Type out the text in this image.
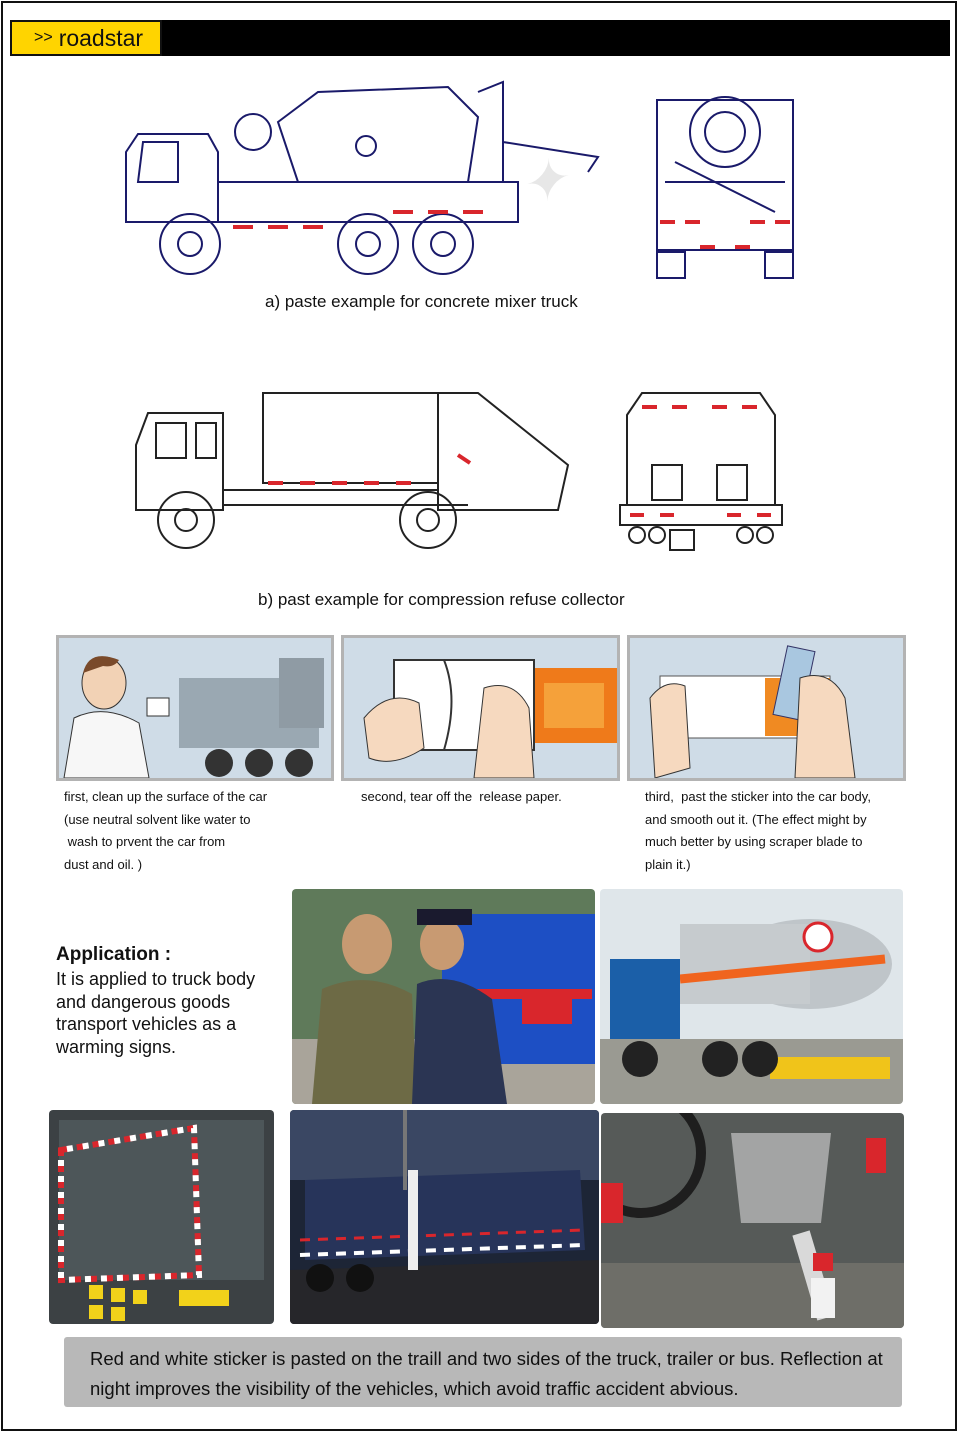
>> roadstar
a) paste example for concrete mixer truck
b) past example for compression refuse collector
first, clean up the surface of the car
(use neutral solvent like water to
wash to prvent the car from
dust and oil. )
second, tear off the  release paper.	third,  past the sticker into the car body,
and smooth out it. (The effect might by
much better by using scraper blade to
plain it.)
Application :
It is applied to truck body and dangerous goods transport vehicles as a warming signs.
✦
Red and white sticker is pasted on the traill and two sides of the truck, trailer or bus. Reflection at night improves the visibility of the vehicles, which avoid traffic accident abvious.
